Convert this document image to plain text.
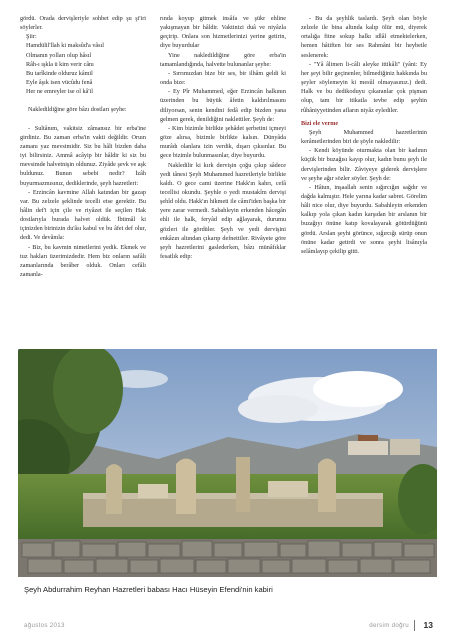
gördü. Orada dervişleriyle sohbet edip şu şi'iri söylerler.

Şiir:

Hamdülil'llah ki maksûd'a vâsıl

Olmanın yolları olup hâsıl

Râh-ı ışkla ü kim verir cânı

Bu tarîkinde olduruz kâmil

Eyle âşık isen vücûdu fenâ

Her ne emreyler ise ol kâ'il

Nakledildiğine göre bâzı dostları şeyhe:

- Sultânım, vakitsiz zâmansız bir erba'ine girdiniz. Bu zaman erba'in vakti değildir. Oruın zamanı yaz mevsimidir. Siz bu hâli bizden daha iyi bilirsiniz. Ammâ acâyip bir hâldir ki siz bu mevsimde halvetnişin oldunuz. Ziyâde şevk ve aşk buldunuz. Bunun sebebi nedir? İzâh buyurmazmısınız, dediklerinde, şeyh hazretleri:

- Erzincân kavmine Allah katından bir gazap var. Bu zelzele şeklinde tecelli etse gerektir. Bu hâlin def'i için çile ve riyâzet ile seçilen Hak dostlarıyla burada halvet oldük. İbtimâl ki içinizden birinizin du'âsı kabul ve bu âfet def olur, dedi. Ve devâmla:

- Biz, bu kavmin nimetlerini yedik. Ekmek ve tuz hakları üzerimizdedir. Hem biz onların safâlı zamanlarında berâber olduk. Onları cefâlı zamanla-

rında koyup gitmek insâfa ve şükr ehline yakışmayan bir hâldir. Vaktinizi duâ ve niyâzla geçirip. Onlara son hizmetlerinizi yerine getirin, diye buyurdular

Yine nakledildiğine göre erba'in tamamlandığında, halvette bulunanlar şeyhe:

- Sırrımızdan bize bir ses, bir ilhâm geldi ki onda bize:

- Ey Pîr Muhammed, eğer Erzincân halkının üzerinden bu büyük âfetin kaldırılmasını diliyorsan, senin kendini fedâ edip bizden yana gelmen gerek, denildiğini naklettiler. Şeyh de:

- Kim bizimle birlikte şehâdet şerbetini içmeyi göze alırsa, bizimle birlikte kalsın. Dünyâda murâdı olanlara izin verdik, dışarı çıksınlar. Bu gece bizimle bulunmasınlar, diye buyurdu.

Nakledilir ki kırk dervişin çoğu çıkıp sâdece yedi tânesi Şeyh Muhammed hazretleriyle birlikte kaldı. O gece cami üzerine Hakk'ın kahrı, cefâ tecellisi okundu. Şeyhle o yedi mustakîm dervişi şehîd oldu. Hakk'ın hikmeti ile câmi'iden başka bir yere zarar vermedi. Sabahleyin erkenden hâcegân ehli ile halk, feryâd edip ağlayarak, durumu gözleri ile gördüler. Şeyh ve yedi dervişini enkâzın altından çıkarıp defnettiler. Rivâyete göre şeyh hazretlerini gaslederken, bâzı münâfıklar fesatlık edip:

- Bu da şeyhlik taslardı. Şeyh olan böyle zelzele ile bina altında kalıp ölür mü, diyerek ortalığa fitne sokup halkı ıdlâl etmektelerken, hemen hâtiften bir ses Rahmâni bir heybetle seslenerek:

- "Yâ âlimen li-câli aleyke ittikâli" (yâni: Ey her şeyi bilir geçinenler, bilmediğiniz hakkında bu şeyler söylemeyin ki mesûl olmayasınız.) dedi. Halk ve bu dedikoduyu çıkaranlar çok pişman olup, tam bir itikatla tevbe edip şeyhin rûhâniyyetinden afların niyâz eylediler.

Bizi ele verme

Şeyh Muhammed hazretlerinin kerâmetlerinden biri de şöyle nakledilir:

- Kendi köyünde oturmakta olan bir kadının küçük bir buzağısı kayıp olur, kadın bunu şeyh ile dervişlerinden bilir. Zâviyeye giderek dervişlere ve şeyhe ağır sözler söyler. Şeyh de:

- Hâtun, inşaallah senin sığırcığın sağdır ve dağda kalmıştır. Hele yarına kadar sabret. Görelim hâli nice olur, diye buyurdu. Sabahleyin erkenden kalkıp yola çıkan kadın karşıdan bir arslanın bir buzağıyı önüne katıp kovalayarak götürdüğünü gördü. Arslan şeyhi görünce, sığırcığı sürüp onun önüne kadar getirdi ve sonra şeyhi lisânıyla selâmlayıp çekilip gitti.

Şeyh Abdurrahim Reyhan Hazretleri babası Hacı Hüseyin Efendi'nin kabiri
ağustos 2013	dersim doğru 13
